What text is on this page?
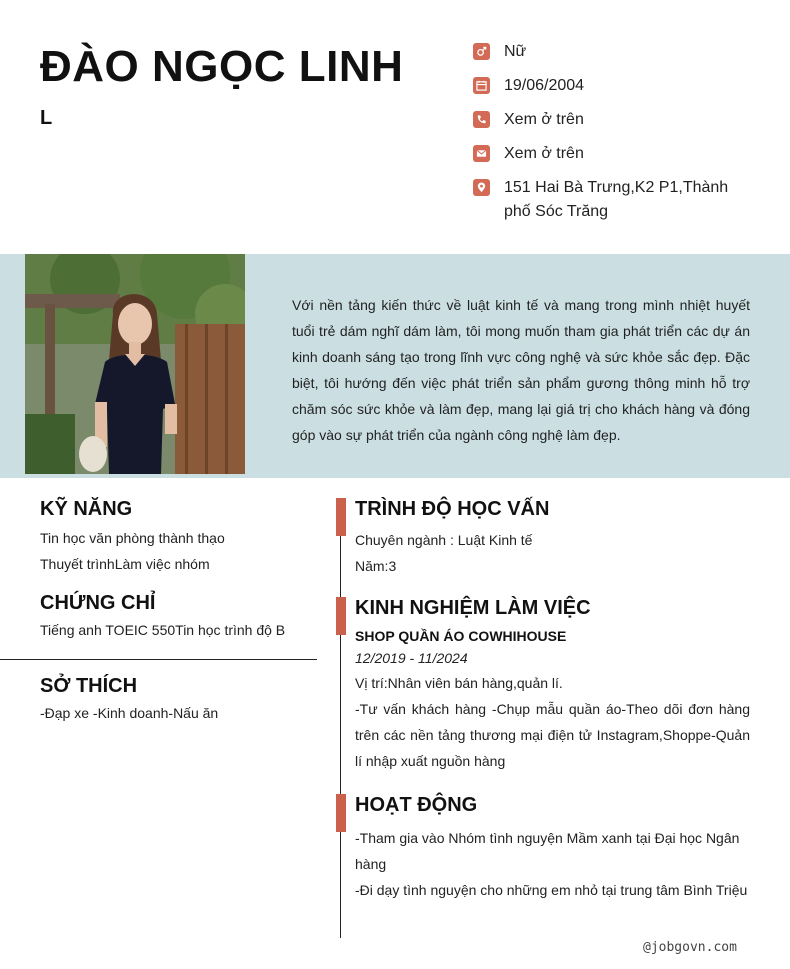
ĐÀO NGỌC LINH
L
Nữ
19/06/2004
Xem ở trên
Xem ở trên
151 Hai Bà Trưng,K2 P1,Thành phố Sóc Trăng
Với nền tảng kiến thức về luật kinh tế và mang trong mình nhiệt huyết tuổi trẻ dám nghĩ dám làm, tôi mong muốn tham gia phát triển các dự án kinh doanh sáng tạo trong lĩnh vực công nghệ và sức khỏe sắc đẹp. Đặc biệt, tôi hướng đến việc phát triển sản phẩm gương thông minh hỗ trợ chăm sóc sức khỏe và làm đẹp, mang lại giá trị cho khách hàng và đóng góp vào sự phát triển của ngành công nghệ làm đẹp.
KỸ NĂNG
Tin học văn phòng thành thạo
Thuyết trìnhLàm việc nhóm
CHỨNG CHỈ
Tiếng anh TOEIC 550Tin học trình độ B
SỞ THÍCH
-Đạp xe -Kinh doanh-Nấu ăn
TRÌNH ĐỘ HỌC VẤN
Chuyên ngành : Luật Kinh tế
Năm:3
KINH NGHIỆM LÀM VIỆC
SHOP QUẦN ÁO COWHIHOUSE
12/2019 - 11/2024
Vị trí:Nhân viên bán hàng,quản lí.
-Tư vấn khách hàng -Chụp mẫu quần áo-Theo dõi đơn hàng trên các nền tảng thương mại điện tử Instagram,Shoppe-Quản lí nhập xuất nguồn hàng
HOẠT ĐỘNG
-Tham gia vào Nhóm tình nguyện Mầm xanh tại Đại học Ngân hàng
-Đi dạy tình nguyện cho những em nhỏ tại trung tâm Bình Triệu
@jobgovn.com
